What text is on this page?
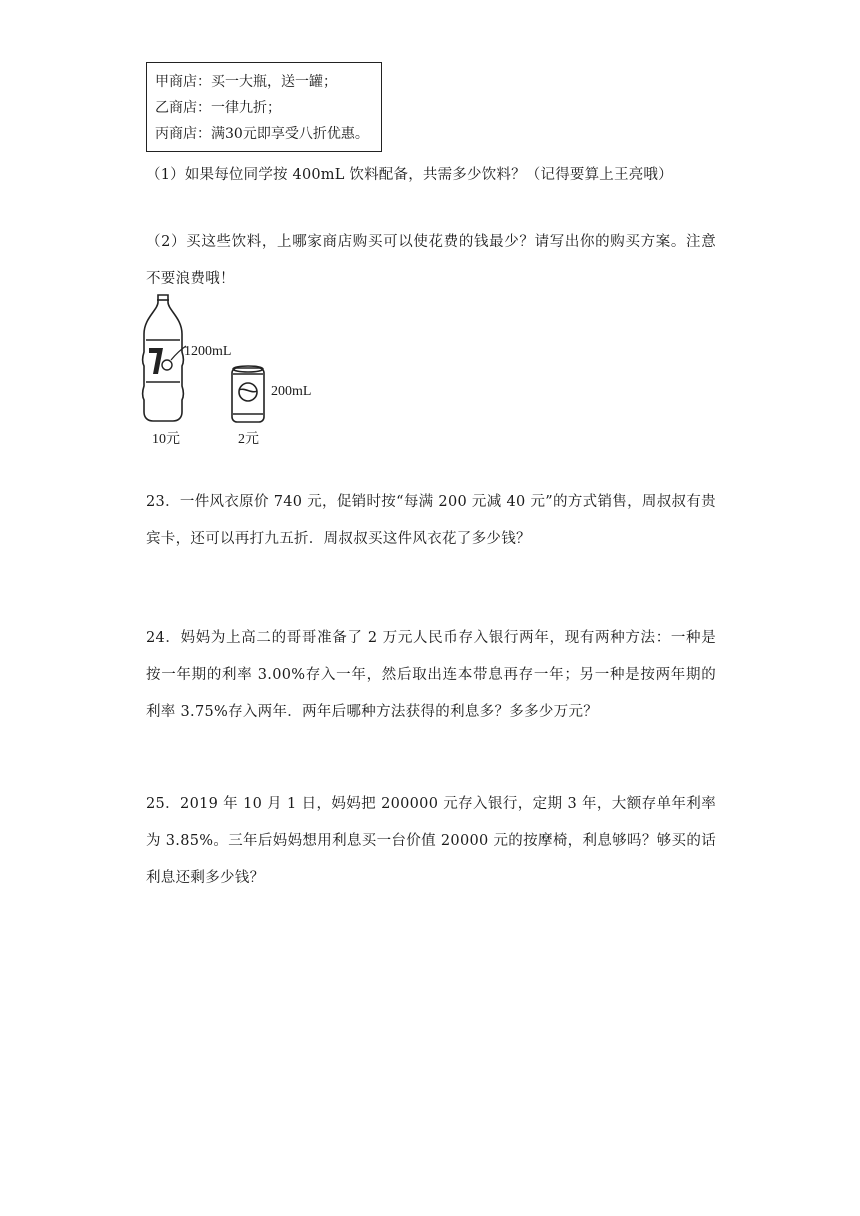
甲商店：买一大瓶，送一罐；
乙商店：一律九折；
丙商店：满30元即享受八折优惠。
（1）如果每位同学按 400mL 饮料配备，共需多少饮料？（记得要算上王亮哦）
（2）买这些饮料，上哪家商店购买可以使花费的钱最少？请写出你的购买方案。注意不要浪费哦！
1200mL
200mL
10元	2元
23．一件风衣原价 740 元，促销时按“每满 200 元减 40 元”的方式销售，周叔叔有贵宾卡，还可以再打九五折．周叔叔买这件风衣花了多少钱？
24．妈妈为上高二的哥哥准备了 2 万元人民币存入银行两年，现有两种方法：一种是按一年期的利率 3.00%存入一年，然后取出连本带息再存一年；另一种是按两年期的利率 3.75%存入两年．两年后哪种方法获得的利息多？多多少万元？
25．2019 年 10 月 1 日，妈妈把 200000 元存入银行，定期 3 年，大额存单年利率为 3.85%。三年后妈妈想用利息买一台价值 20000 元的按摩椅，利息够吗？够买的话利息还剩多少钱？
